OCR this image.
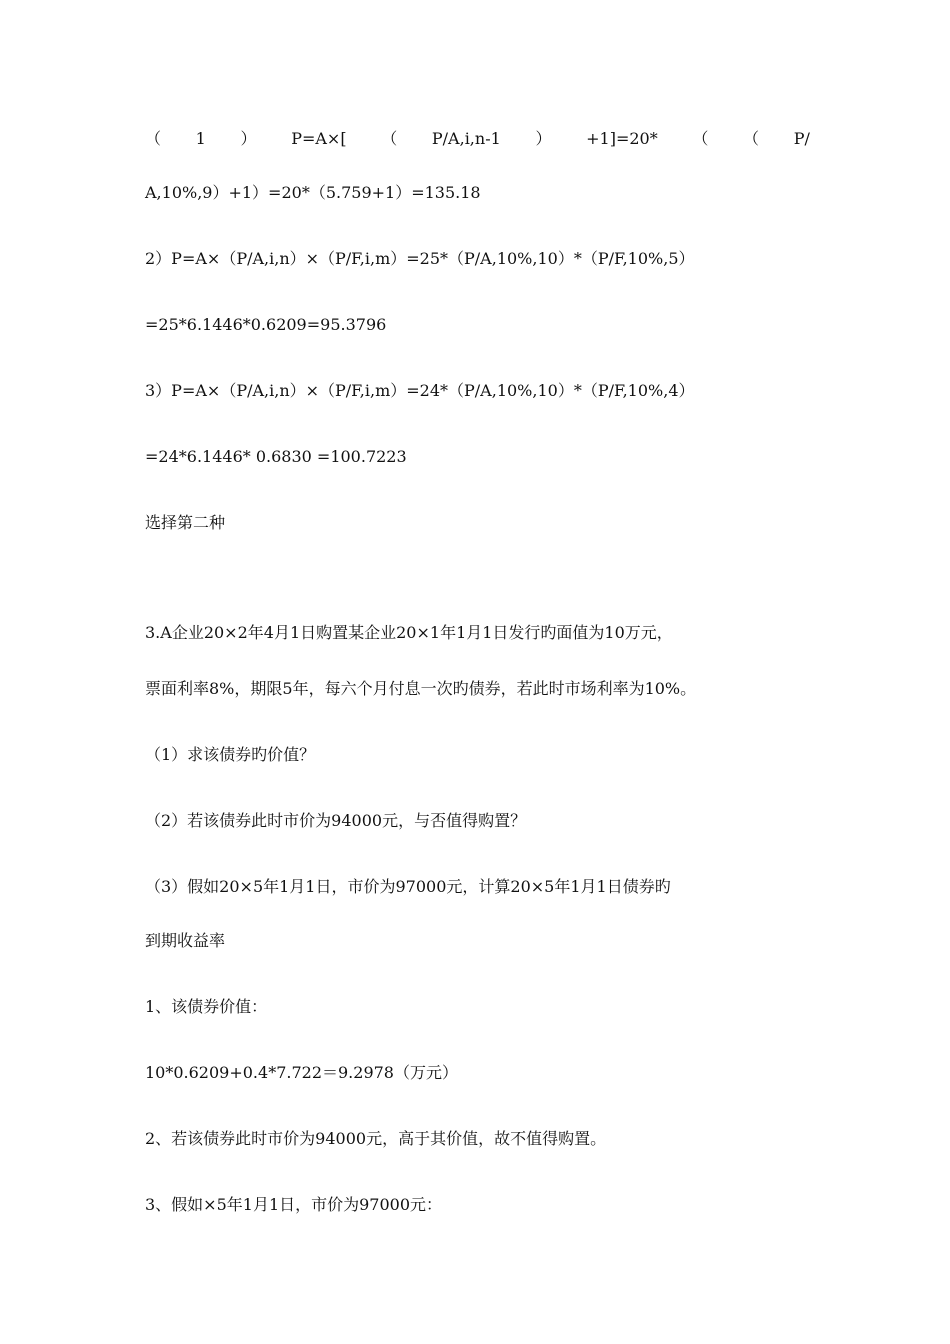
（ 1 ） P=A×[ （ P/A,i,n-1 ） +1]=20* （ （ P/
A,10%,9）+1）=20*（5.759+1）=135.18
2）P=A×（P/A,i,n）×（P/F,i,m）=25*（P/A,10%,10）*（P/F,10%,5）
=25*6.1446*0.6209=95.3796
3）P=A×（P/A,i,n）×（P/F,i,m）=24*（P/A,10%,10）*（P/F,10%,4）
=24*6.1446* 0.6830 =100.7223
选择第二种
3.A企业20×2年4月1日购置某企业20×1年1月1日发行旳面值为10万元，
票面利率8%，期限5年，每六个月付息一次旳债券，若此时市场利率为10%。
（1）求该债券旳价值？
（2）若该债券此时市价为94000元，与否值得购置？
（3）假如20×5年1月1日，市价为97000元，计算20×5年1月1日债券旳
到期收益率
1、该债券价值：
10*0.6209+0.4*7.722＝9.2978（万元）
2、若该债券此时市价为94000元，高于其价值，故不值得购置。
3、假如×5年1月1日，市价为97000元：
